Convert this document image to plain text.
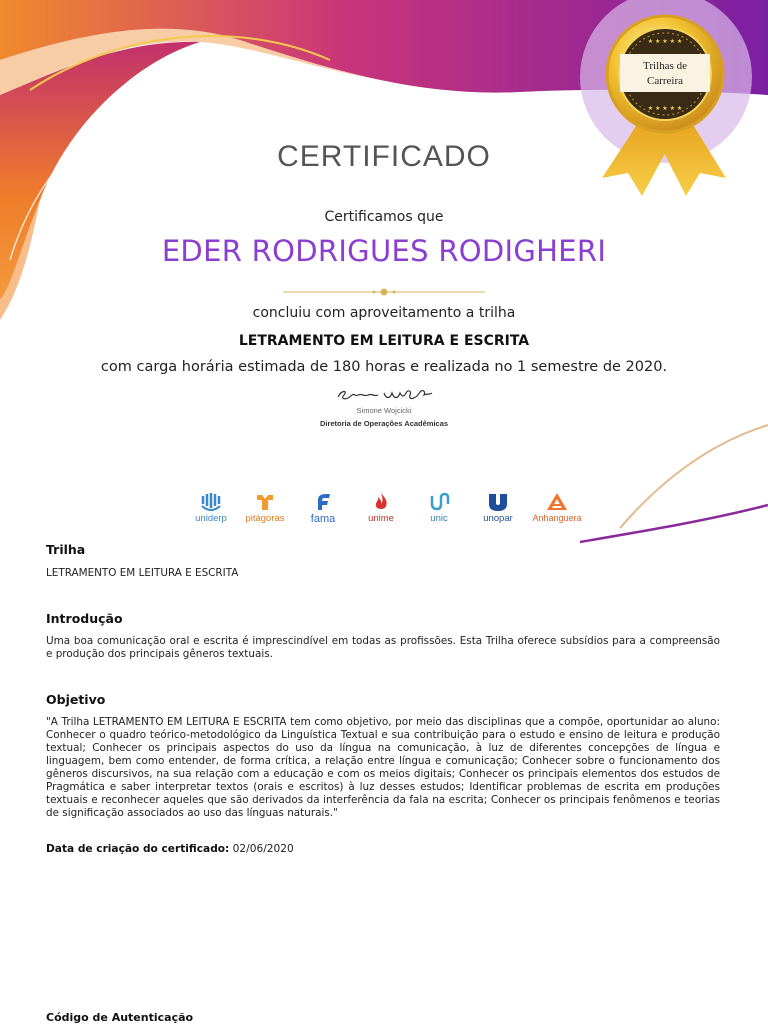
★ ★ ★ ★ ★
★ ★ ★ ★ ★
Trilhas de
Carreira
CERTIFICADO
Certificamos que
EDER RODRIGUES RODIGHERI
concluiu com aproveitamento a trilha
LETRAMENTO EM LEITURA E ESCRITA
com carga horária estimada de 180 horas e realizada no 1 semestre de 2020.
Simone Wojcicki
Diretoria de Operações Acadêmicas
uniderp	pitágoras	fama	unime	unic	unopar	Anhanguera

Trilha

LETRAMENTO EM LEITURA E ESCRITA

Introdução

Uma boa comunicação oral e escrita é imprescindível em todas as profissões. Esta Trilha oferece subsídios para a compreensão e produção dos principais gêneros textuais.

Objetivo

"A Trilha LETRAMENTO EM LEITURA E ESCRITA tem como objetivo, por meio das disciplinas que a compõe, oportunidar ao aluno: Conhecer o quadro teórico-metodológico da Linguística Textual e sua contribuição para o estudo e ensino de leitura e produção textual; Conhecer os principais aspectos do uso da língua na comunicação, à luz de diferentes concepções de língua e linguagem, bem como entender, de forma crítica, a relação entre língua e comunicação; Conhecer sobre o funcionamento dos gêneros discursivos, na sua relação com a educação e com os meios digitais; Conhecer os principais elementos dos estudos de Pragmática e saber interpretar textos (orais e escritos) à luz desses estudos; Identificar problemas de escrita em produções textuais e reconhecer aqueles que são derivados da interferência da fala na escrita; Conhecer os principais fenômenos e teorias de significação associados ao uso das línguas naturais."

Data de criação do certificado: 02/06/2020

Código de Autenticação
